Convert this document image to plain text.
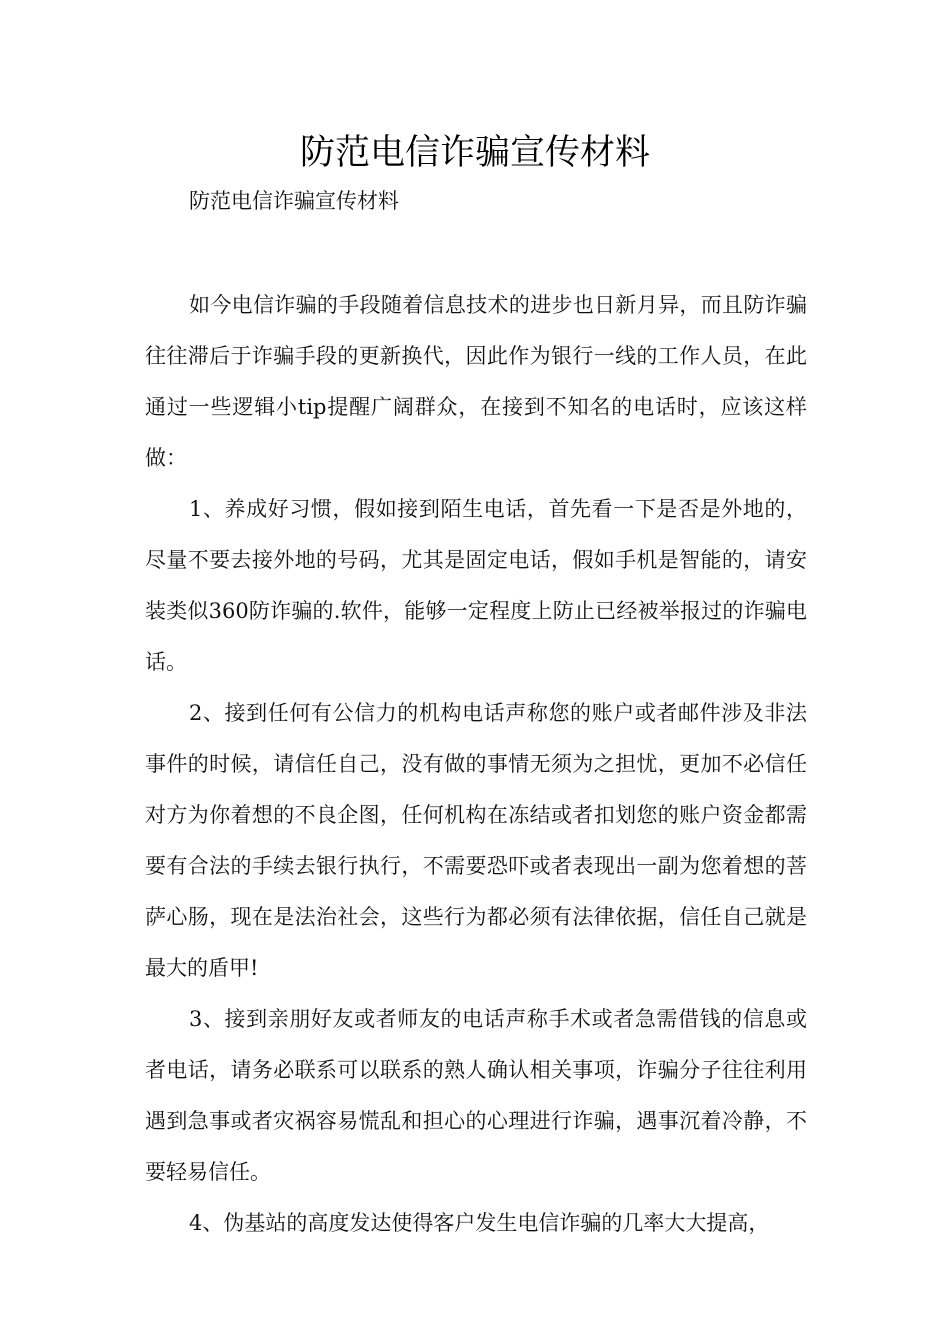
防范电信诈骗宣传材料

防范电信诈骗宣传材料

如今电信诈骗的手段随着信息技术的进步也日新月异，而且防诈骗往往滞后于诈骗手段的更新换代，因此作为银行一线的工作人员，在此通过一些逻辑小tip提醒广阔群众，在接到不知名的电话时，应该这样做：

1、养成好习惯，假如接到陌生电话，首先看一下是否是外地的，尽量不要去接外地的号码，尤其是固定电话，假如手机是智能的，请安装类似360防诈骗的.软件，能够一定程度上防止已经被举报过的诈骗电话。

2、接到任何有公信力的机构电话声称您的账户或者邮件涉及非法事件的时候，请信任自己，没有做的事情无须为之担忧，更加不必信任对方为你着想的不良企图，任何机构在冻结或者扣划您的账户资金都需要有合法的手续去银行执行，不需要恐吓或者表现出一副为您着想的菩萨心肠，现在是法治社会，这些行为都必须有法律依据，信任自己就是最大的盾甲!

3、接到亲朋好友或者师友的电话声称手术或者急需借钱的信息或者电话，请务必联系可以联系的熟人确认相关事项，诈骗分子往往利用遇到急事或者灾祸容易慌乱和担心的心理进行诈骗，遇事沉着冷静，不要轻易信任。

4、伪基站的高度发达使得客户发生电信诈骗的几率大大提高，
